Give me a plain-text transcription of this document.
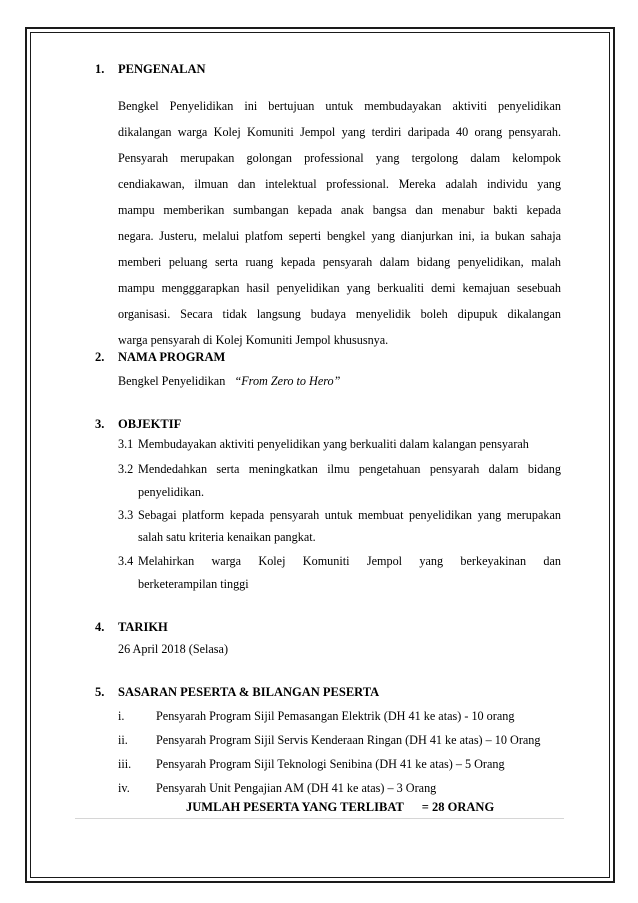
1. PENGENALAN
Bengkel Penyelidikan ini bertujuan untuk membudayakan aktiviti penyelidikan
dikalangan warga Kolej Komuniti Jempol yang terdiri daripada 40 orang pensyarah.
Pensyarah merupakan golongan professional yang tergolong dalam kelompok
cendiakawan, ilmuan dan intelektual professional. Mereka adalah individu yang
mampu memberikan sumbangan kepada anak bangsa dan menabur bakti kepada
negara. Justeru, melalui platfom seperti bengkel yang dianjurkan ini, ia bukan sahaja
memberi peluang serta ruang kepada pensyarah dalam bidang penyelidikan, malah
mampu mengggarapkan hasil penyelidikan yang berkualiti demi kemajuan sesebuah
organisasi. Secara tidak langsung budaya menyelidik boleh dipupuk dikalangan
warga pensyarah di Kolej Komuniti Jempol khususnya.
2. NAMA PROGRAM
Bengkel Penyelidikan “From Zero to Hero”
3. OBJEKTIF
3.1 Membudayakan aktiviti penyelidikan yang berkualiti dalam kalangan pensyarah
3.2 Mendedahkan serta meningkatkan ilmu pengetahuan pensyarah dalam bidang
penyelidikan.
3.3 Sebagai platform kepada pensyarah untuk membuat penyelidikan yang merupakan
salah satu kriteria kenaikan pangkat.
3.4 Melahirkan warga Kolej Komuniti Jempol yang berkeyakinan dan
berketerampilan tinggi
4. TARIKH
26 April 2018 (Selasa)
5. SASARAN PESERTA & BILANGAN PESERTA
i.	Pensyarah Program Sijil Pemasangan Elektrik (DH 41 ke atas) - 10 orang
ii. Pensyarah Program Sijil Servis Kenderaan Ringan (DH 41 ke atas) – 10 Orang
iii. Pensyarah Program Sijil Teknologi Senibina (DH 41 ke atas) – 5 Orang
iv. Pensyarah Unit Pengajian AM (DH 41 ke atas) – 3 Orang
JUMLAH PESERTA YANG TERLIBAT = 28 ORANG
